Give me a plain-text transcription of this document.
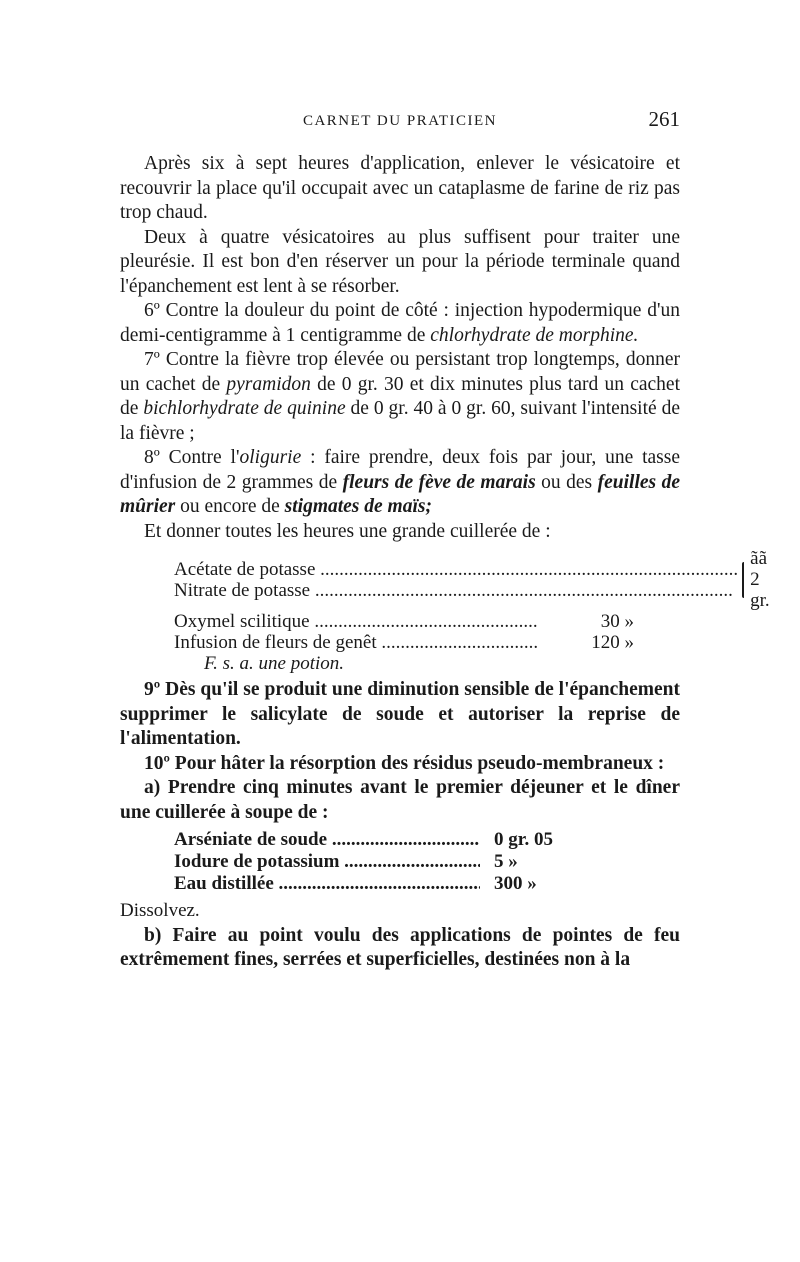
CARNET DU PRATICIEN	261

Après six à sept heures d'application, enlever le vésicatoire et recouvrir la place qu'il occupait avec un cataplasme de farine de riz pas trop chaud.

Deux à quatre vésicatoires au plus suffisent pour traiter une pleurésie. Il est bon d'en réserver un pour la période terminale quand l'épanchement est lent à se résorber.

6º Contre la douleur du point de côté : injection hypodermique d'un demi-centigramme à 1 centigramme de chlorhydrate de morphine.

7º Contre la fièvre trop élevée ou persistant trop longtemps, donner un cachet de pyramidon de 0 gr. 30 et dix minutes plus tard un cachet de bichlorhydrate de quinine de 0 gr. 40 à 0 gr. 60, suivant l'intensité de la fièvre ;

8º Contre l'oligurie : faire prendre, deux fois par jour, une tasse d'infusion de 2 grammes de fleurs de fève de marais ou des feuilles de mûrier ou encore de stigmates de maïs;

Et donner toutes les heures une grande cuillerée de :

Acétate de potasse .....
Nitrate de potasse .....
ãã 2 gr.
Oxymel scilitique .....	30 »
Infusion de fleurs de genêt .....	120 »
F. s. a. une potion.

9º Dès qu'il se produit une diminution sensible de l'épanchement supprimer le salicylate de soude et autoriser la reprise de l'alimentation.

10º Pour hâter la résorption des résidus pseudo-membraneux :

a) Prendre cinq minutes avant le premier déjeuner et le dîner une cuillerée à soupe de :

Arséniate de soude .....	0 gr. 05
Iodure de potassium .....	5 »
Eau distillée .....	300 »

Dissolvez.

b) Faire au point voulu des applications de pointes de feu extrêmement fines, serrées et superficielles, destinées non à la
